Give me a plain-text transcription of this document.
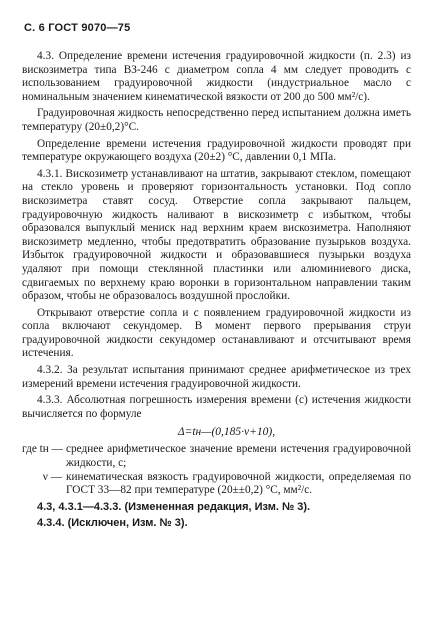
С. 6 ГОСТ 9070—75

4.3. Определение времени истечения градуировочной жидкости (п. 2.3) из вискозиметра типа ВЗ-246 с диаметром сопла 4 мм следует проводить с использованием градуировочной жидкости (индустриальное масло с номинальным значением кинематической вязкости от 200 до 500 мм²/с).

Градуировочная жидкость непосредственно перед испытанием должна иметь температуру (20±0,2)°С.

Определение времени истечения градуировочной жидкости проводят при температуре окружающего воздуха (20±2) °С, давлении 0,1 МПа.

4.3.1. Вискозиметр устанавливают на штатив, закрывают стеклом, помещают на стекло уровень и проверяют горизонтальность установки. Под сопло вискозиметра ставят сосуд. Отверстие сопла закрывают пальцем, градуировочную жидкость наливают в вискозиметр с избытком, чтобы образовался выпуклый мениск над верхним краем вискозиметра. Наполняют вискозиметр медленно, чтобы предотвратить образование пузырьков воздуха. Избыток градуировочной жидкости и образовавшиеся пузырьки воздуха удаляют при помощи стеклянной пластинки или алюминиевого диска, сдвигаемых по верхнему краю воронки в горизонтальном направлении таким образом, чтобы не образовалось воздушной прослойки.

Открывают отверстие сопла и с появлением градуировочной жидкости из сопла включают секундомер. В момент первого прерывания струи градуировочной жидкости секундомер останавливают и отсчитывают время истечения.

4.3.2. За результат испытания принимают среднее арифметическое из трех измерений времени истечения градуировочной жидкости.

4.3.3. Абсолютная погрешность измерения времени (с) истечения жидкости вычисляется по формуле

Δ=tн—(0,185·ν+10),
где tн — среднее арифметическое значение времени истечения градуировочной жидкости, с;
ν — кинематическая вязкость градуировочной жидкости, определяемая по ГОСТ 33—82 при температуре (20±±0,2) °С, мм²/с.

4.3, 4.3.1—4.3.3. (Измененная редакция, Изм. № 3).

4.3.4. (Исключен, Изм. № 3).
